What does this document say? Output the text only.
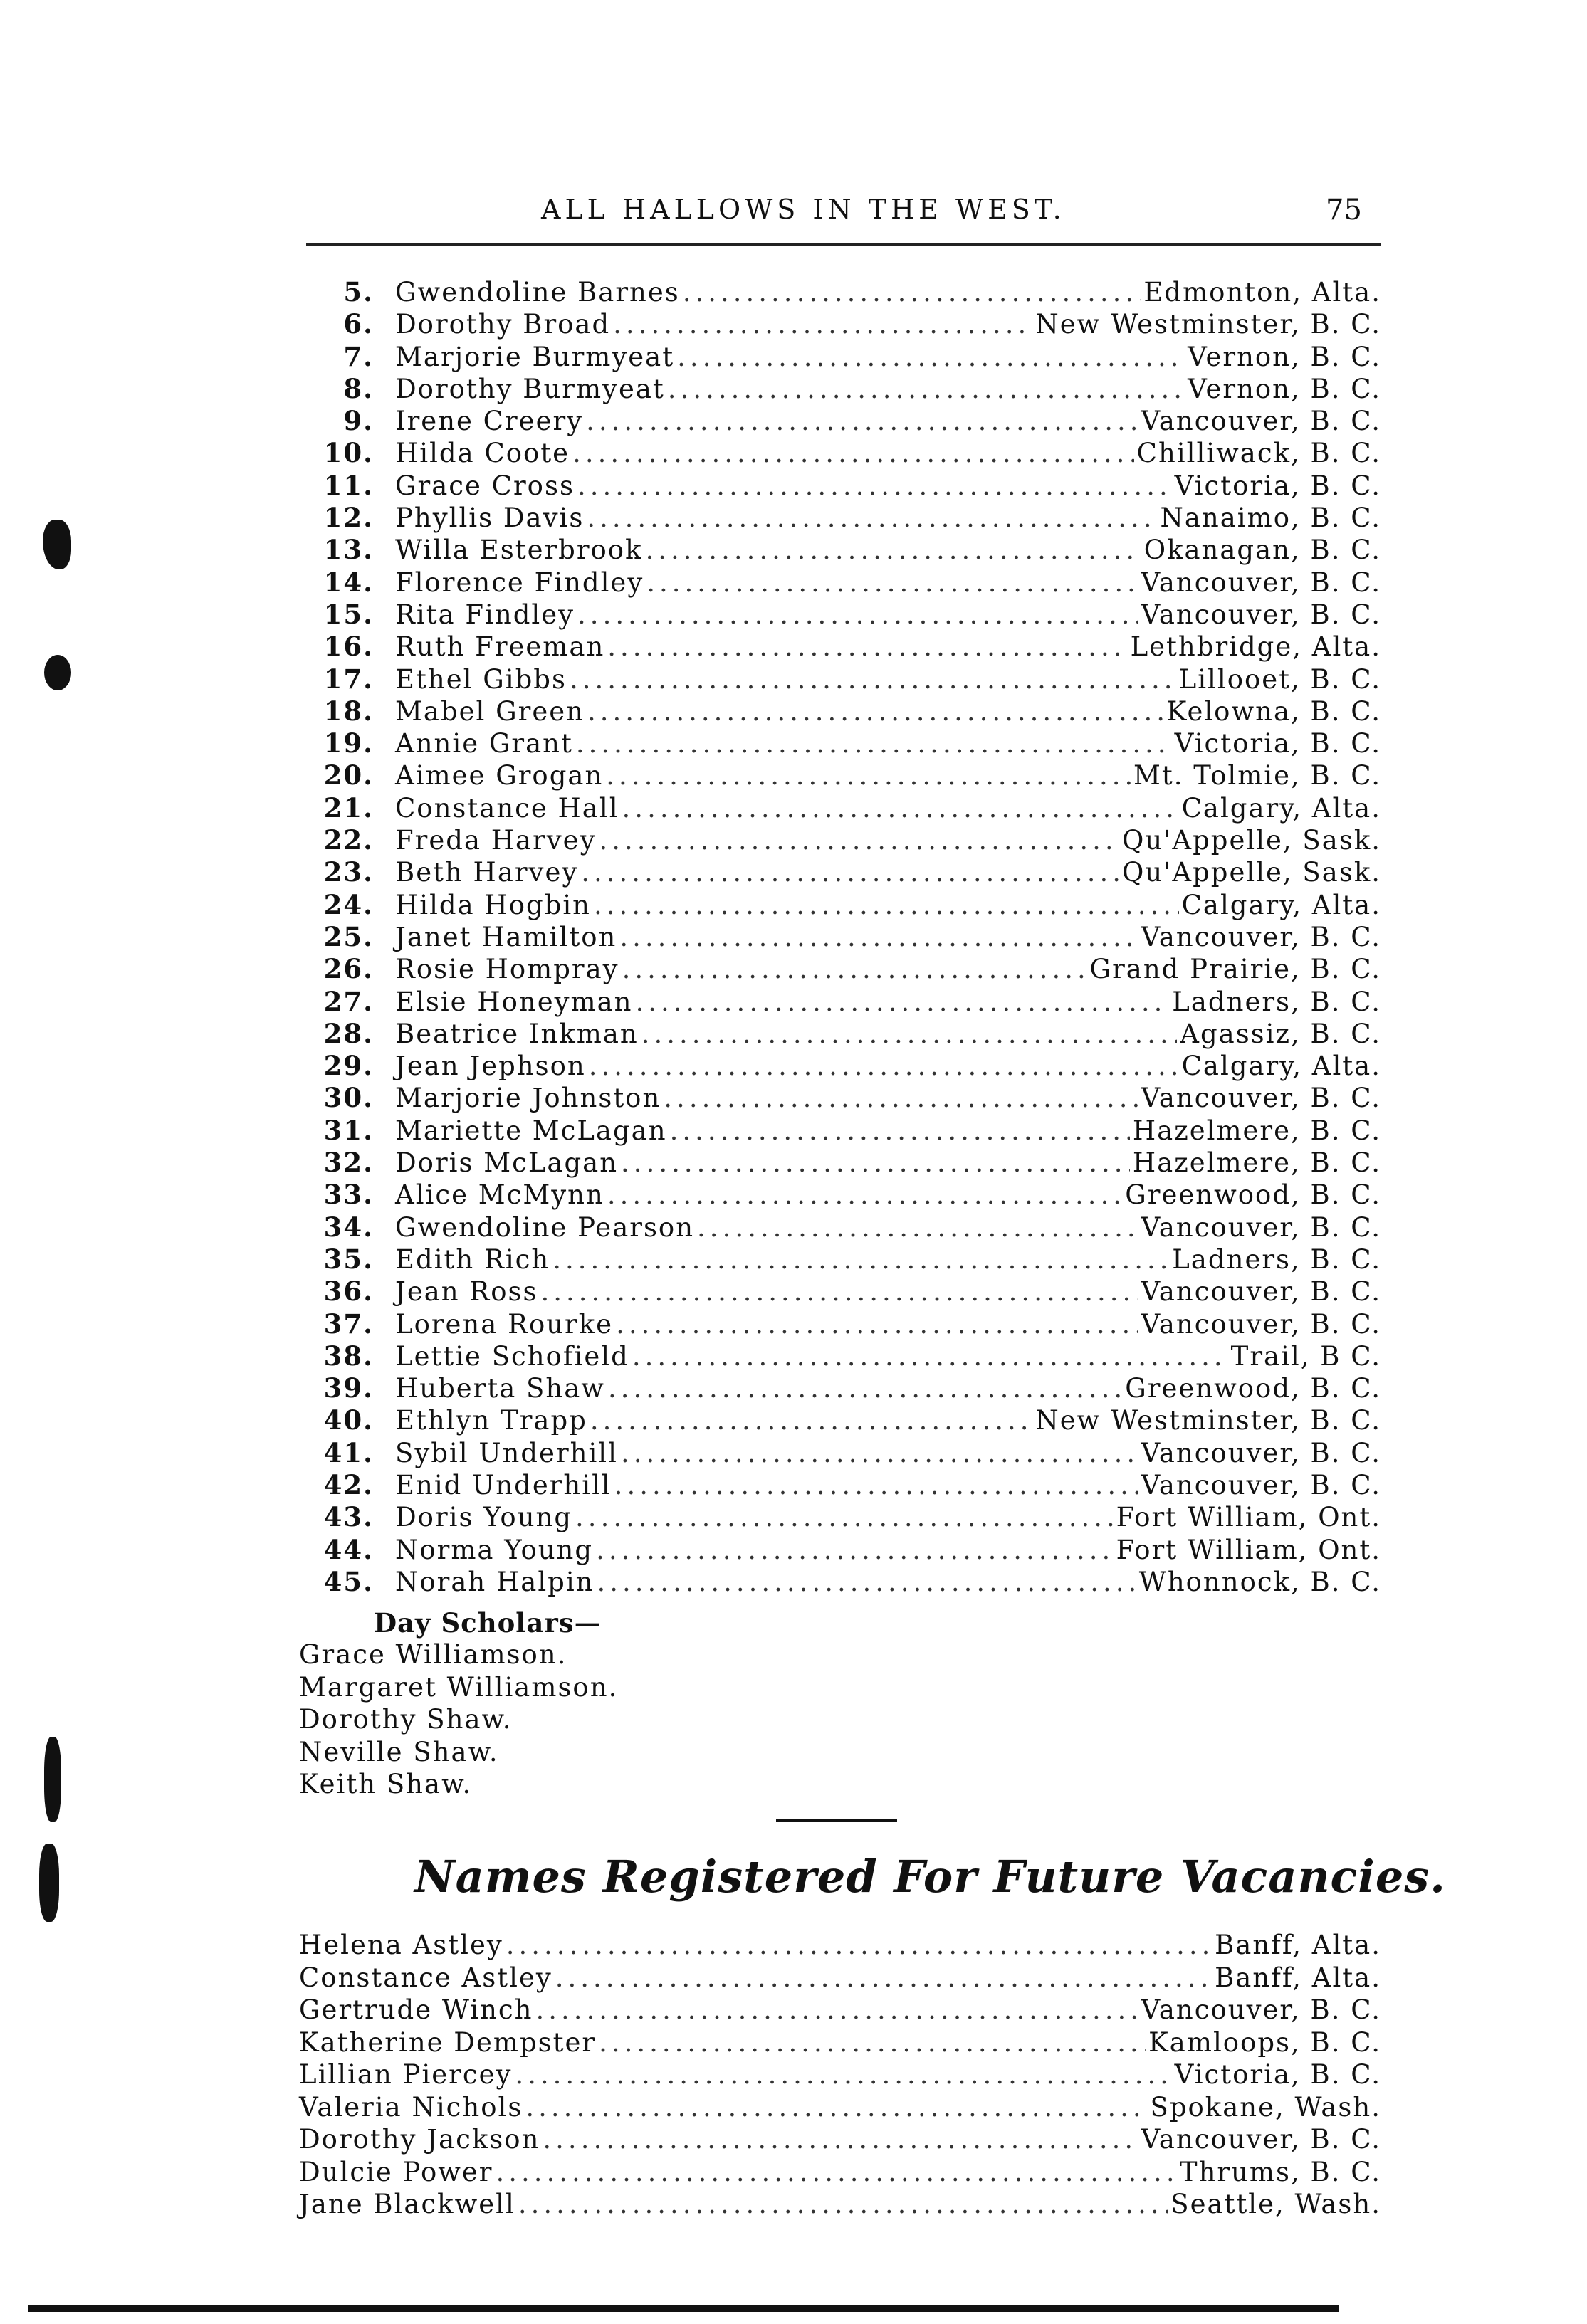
ALL HALLOWS IN THE WEST.	75
5. Gwendoline Barnes .....	Edmonton, Alta.
6. Dorothy Broad .....	New Westminster, B. C.
7. Marjorie Burmyeat .....	Vernon, B. C.
8. Dorothy Burmyeat .....	Vernon, B. C.
9. Irene Creery .....	Vancouver, B. C.
10. Hilda Coote .....	Chilliwack, B. C.
11. Grace Cross .....	Victoria, B. C.
12. Phyllis Davis .....	Nanaimo, B. C.
13. Willa Esterbrook .....	Okanagan, B. C.
14. Florence Findley .....	Vancouver, B. C.
15. Rita Findley .....	Vancouver, B. C.
16. Ruth Freeman .....	Lethbridge, Alta.
17. Ethel Gibbs .....	Lillooet, B. C.
18. Mabel Green .....	Kelowna, B. C.
19. Annie Grant .....	Victoria, B. C.
20. Aimee Grogan .....	Mt. Tolmie, B. C.
21. Constance Hall .....	Calgary, Alta.
22. Freda Harvey .....	Qu'Appelle, Sask.
23. Beth Harvey .....	Qu'Appelle, Sask.
24. Hilda Hogbin .....	Calgary, Alta.
25. Janet Hamilton .....	Vancouver, B. C.
26. Rosie Hompray .....	Grand Prairie, B. C.
27. Elsie Honeyman .....	Ladners, B. C.
28. Beatrice Inkman .....	Agassiz, B. C.
29. Jean Jephson .....	Calgary, Alta.
30. Marjorie Johnston .....	Vancouver, B. C.
31. Mariette McLagan .....	Hazelmere, B. C.
32. Doris McLagan .....	Hazelmere, B. C.
33. Alice McMynn .....	Greenwood, B. C.
34. Gwendoline Pearson .....	Vancouver, B. C.
35. Edith Rich .....	Ladners, B. C.
36. Jean Ross .....	Vancouver, B. C.
37. Lorena Rourke .....	Vancouver, B. C.
38. Lettie Schofield .....	Trail, B C.
39. Huberta Shaw .....	Greenwood, B. C.
40. Ethlyn Trapp .....	New Westminster, B. C.
41. Sybil Underhill .....	Vancouver, B. C.
42. Enid Underhill .....	Vancouver, B. C.
43. Doris Young .....	Fort William, Ont.
44. Norma Young .....	Fort William, Ont.
45. Norah Halpin .....	Whonnock, B. C.
Day Scholars—
Grace Williamson.
Margaret Williamson.
Dorothy Shaw.
Neville Shaw.
Keith Shaw.
Names Registered For Future Vacancies.
Helena Astley .....	Banff, Alta.
Constance Astley .....	Banff, Alta.
Gertrude Winch .....	Vancouver, B. C.
Katherine Dempster .....	Kamloops, B. C.
Lillian Piercey .....	Victoria, B. C.
Valeria Nichols .....	Spokane, Wash.
Dorothy Jackson .....	Vancouver, B. C.
Dulcie Power .....	Thrums, B. C.
Jane Blackwell .....	Seattle, Wash.
